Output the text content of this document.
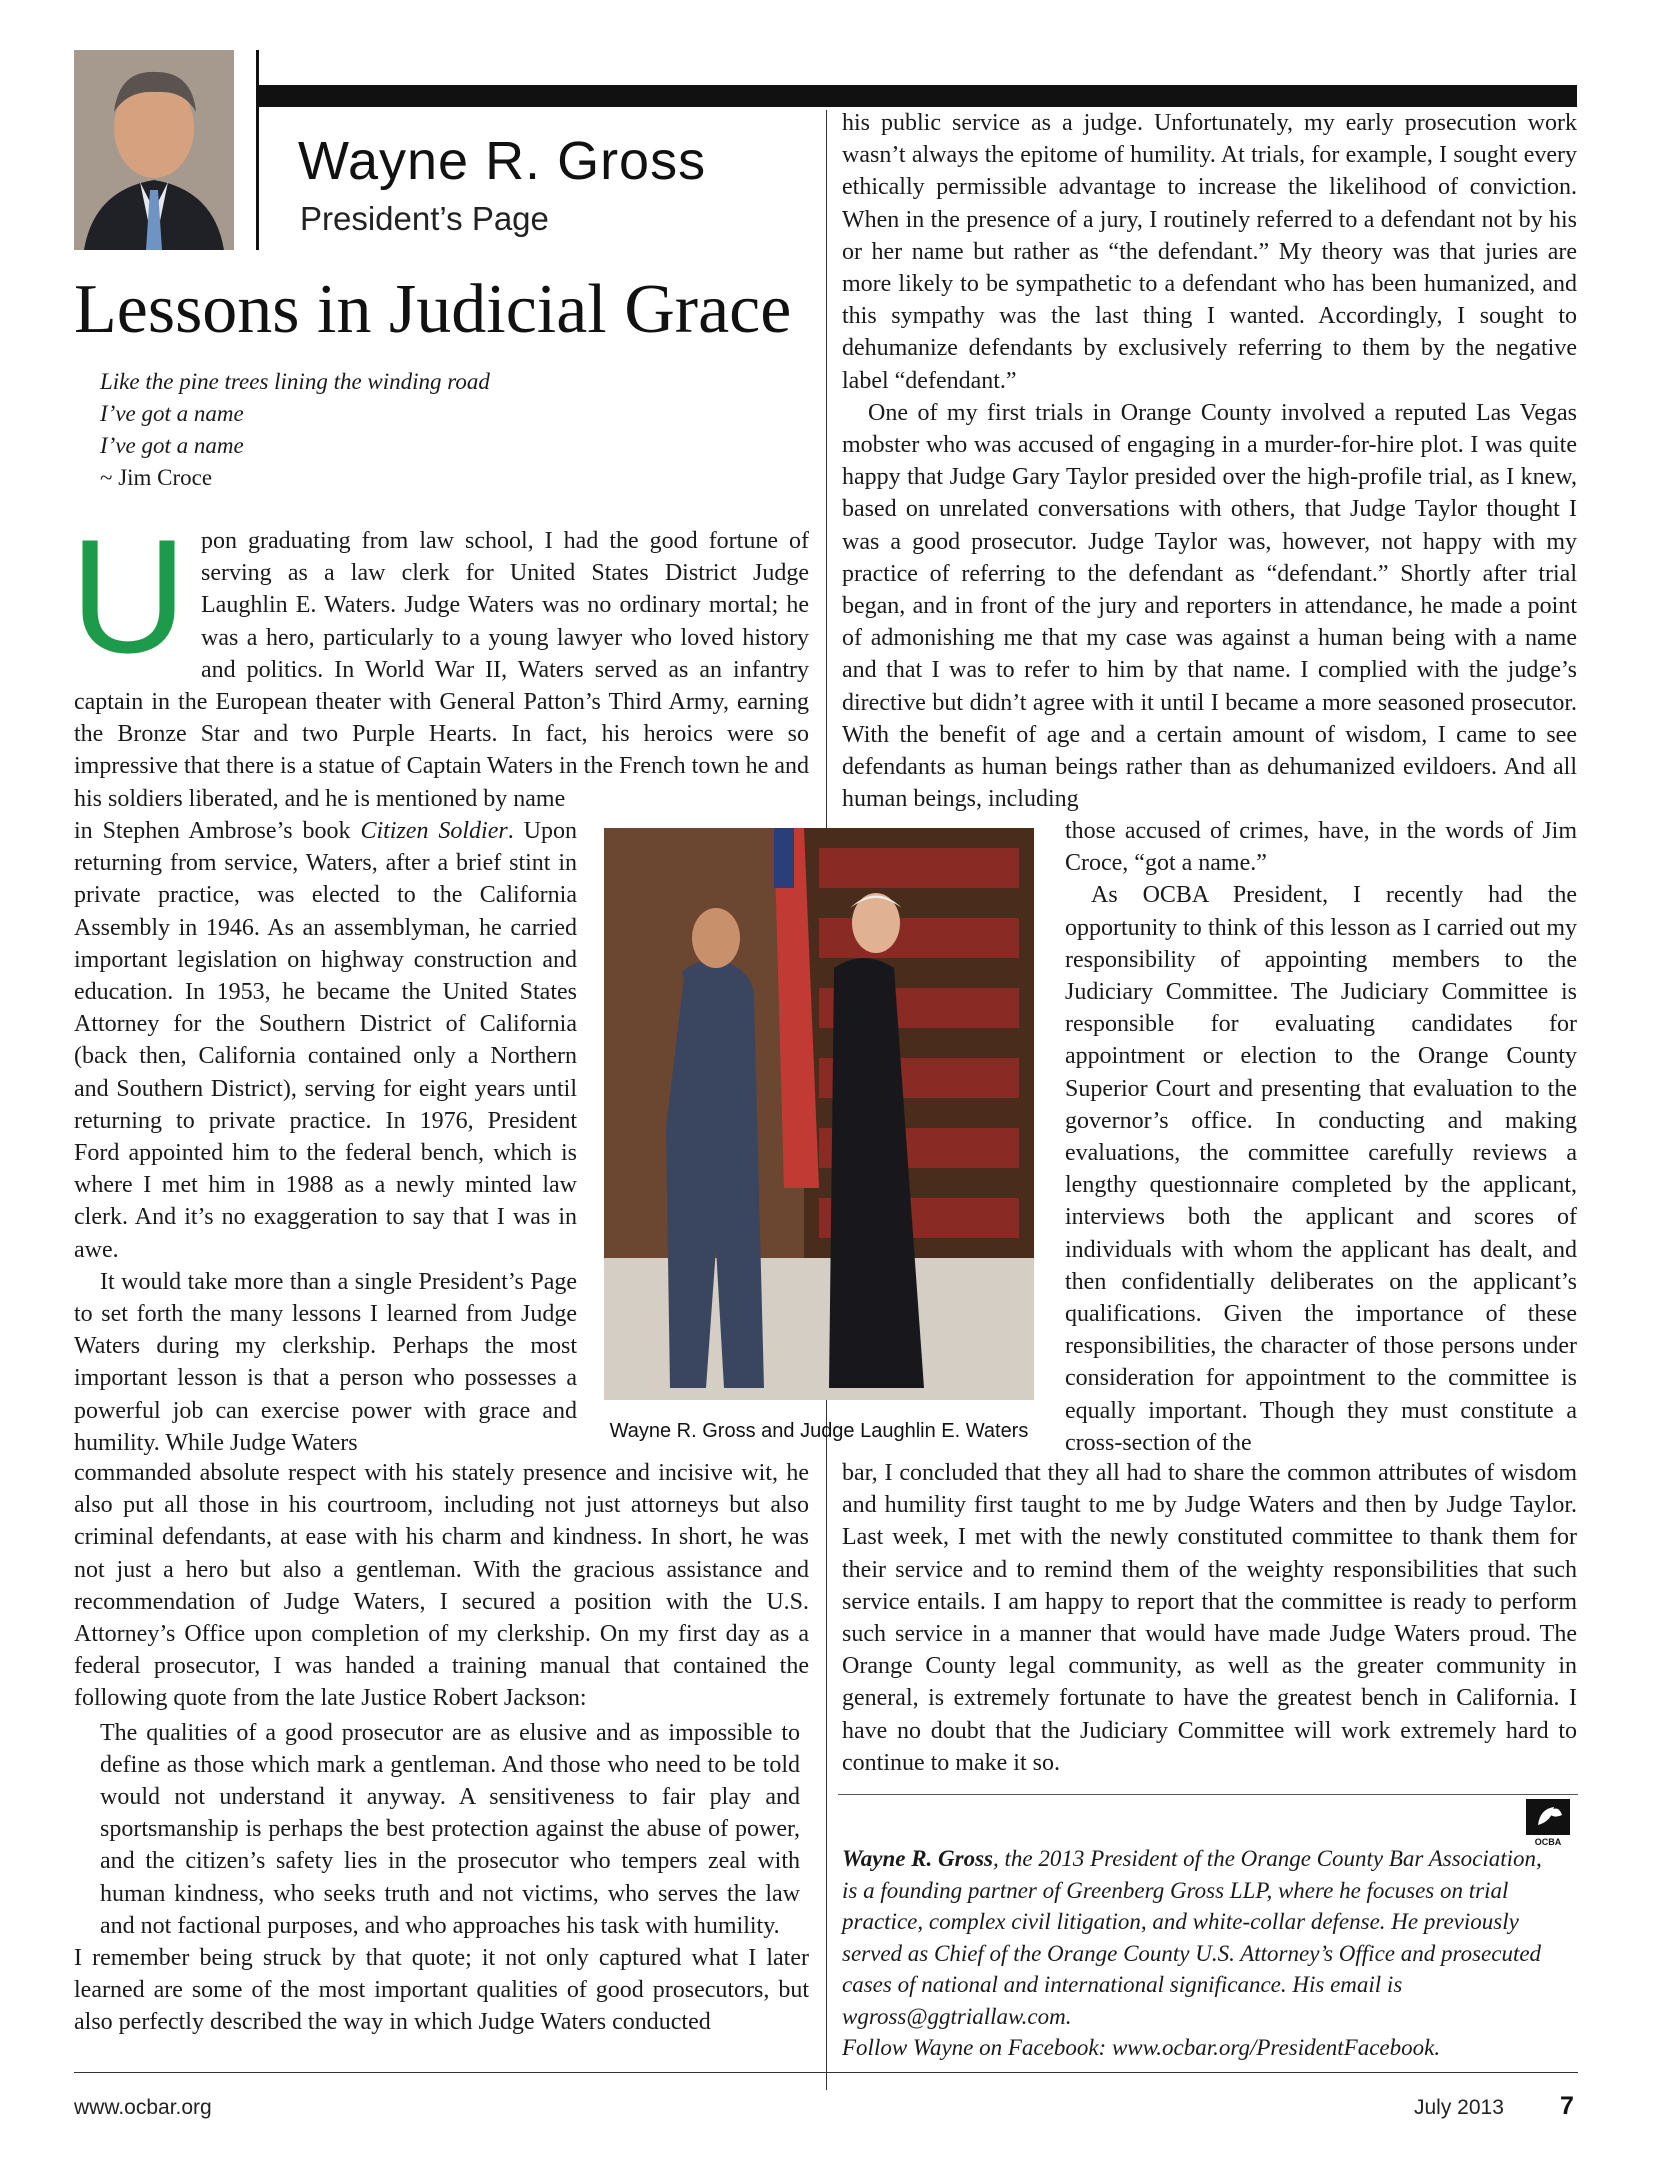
Wayne R. Gross
President’s Page
Lessons in Judicial Grace
Like the pine trees lining the winding road
I’ve got a name
I’ve got a name
~ Jim Croce

Upon graduating from law school, I had the good fortune of serving as a law clerk for United States District Judge Laughlin E. Waters. Judge Waters was no ordinary mortal; he was a hero, particularly to a young lawyer who loved history and politics. In World War II, Waters served as an infantry captain in the European theater with General Patton’s Third Army, earning the Bronze Star and two Purple Hearts. In fact, his heroics were so impressive that there is a statue of Captain Waters in the French town he and his soldiers liberated, and he is mentioned by name

in Stephen Ambrose’s book Citizen Soldier. Upon returning from service, Waters, after a brief stint in private practice, was elected to the California Assembly in 1946. As an assemblyman, he carried important legislation on highway construction and education. In 1953, he became the United States Attorney for the Southern District of California (back then, California contained only a Northern and Southern District), serving for eight years until returning to private practice. In 1976, President Ford appointed him to the federal bench, which is where I met him in 1988 as a newly minted law clerk. And it’s no exaggeration to say that I was in awe.

It would take more than a single President’s Page to set forth the many lessons I learned from Judge Waters during my clerkship. Perhaps the most important lesson is that a person who possesses a powerful job can exercise power with grace and humility. While Judge Waters

commanded absolute respect with his stately presence and incisive wit, he also put all those in his courtroom, including not just attorneys but also criminal defendants, at ease with his charm and kindness. In short, he was not just a hero but also a gentleman. With the gracious assistance and recommendation of Judge Waters, I secured a position with the U.S. Attorney’s Office upon completion of my clerkship. On my first day as a federal prosecutor, I was handed a training manual that contained the following quote from the late Justice Robert Jackson:

The qualities of a good prosecutor are as elusive and as impossible to define as those which mark a gentleman. And those who need to be told would not understand it anyway. A sensitiveness to fair play and sportsmanship is perhaps the best protection against the abuse of power, and the citizen’s safety lies in the prosecutor who tempers zeal with human kindness, who seeks truth and not victims, who serves the law and not factional purposes, and who approaches his task with humility.

I remember being struck by that quote; it not only captured what I later learned are some of the most important qualities of good prosecutors, but also perfectly described the way in which Judge Waters conducted

his public service as a judge. Unfortunately, my early prosecution work wasn’t always the epitome of humility. At trials, for example, I sought every ethically permissible advantage to increase the likelihood of conviction. When in the presence of a jury, I routinely referred to a defendant not by his or her name but rather as “the defendant.” My theory was that juries are more likely to be sympathetic to a defendant who has been humanized, and this sympathy was the last thing I wanted. Accordingly, I sought to dehumanize defendants by exclusively referring to them by the negative label “defendant.”

One of my first trials in Orange County involved a reputed Las Vegas mobster who was accused of engaging in a murder-for-hire plot. I was quite happy that Judge Gary Taylor presided over the high-profile trial, as I knew, based on unrelated conversations with others, that Judge Taylor thought I was a good prosecutor. Judge Taylor was, however, not happy with my practice of referring to the defendant as “defendant.” Shortly after trial began, and in front of the jury and reporters in attendance, he made a point of admonishing me that my case was against a human being with a name and that I was to refer to him by that name. I complied with the judge’s directive but didn’t agree with it until I became a more seasoned prosecutor. With the benefit of age and a certain amount of wisdom, I came to see defendants as human beings rather than as dehumanized evildoers. And all human beings, including

those accused of crimes, have, in the words of Jim Croce, “got a name.”

As OCBA President, I recently had the opportunity to think of this lesson as I carried out my responsibility of appointing members to the Judiciary Committee. The Judiciary Committee is responsible for evaluating candidates for appointment or election to the Orange County Superior Court and presenting that evaluation to the governor’s office. In conducting and making evaluations, the committee carefully reviews a lengthy questionnaire completed by the applicant, interviews both the applicant and scores of individuals with whom the applicant has dealt, and then confidentially deliberates on the applicant’s qualifications. Given the importance of these responsibilities, the character of those persons under consideration for appointment to the committee is equally important. Though they must constitute a cross-section of the

bar, I concluded that they all had to share the common attributes of wisdom and humility first taught to me by Judge Waters and then by Judge Taylor. Last week, I met with the newly constituted committee to thank them for their service and to remind them of the weighty responsibilities that such service entails. I am happy to report that the committee is ready to perform such service in a manner that would have made Judge Waters proud. The Orange County legal community, as well as the greater community in general, is extremely fortunate to have the greatest bench in California. I have no doubt that the Judiciary Committee will work extremely hard to continue to make it so.

Wayne R. Gross and Judge Laughlin E. Waters
OCBA

Wayne R. Gross, the 2013 President of the Orange County Bar Association, is a founding partner of Greenberg Gross LLP, where he focuses on trial practice, complex civil litigation, and white-collar defense. He previously served as Chief of the Orange County U.S. Attorney’s Office and prosecuted cases of national and international significance. His email is wgross@ggtriallaw.com.

Follow Wayne on Facebook: www.ocbar.org/PresidentFacebook.

www.ocbar.org	July 2013 7
